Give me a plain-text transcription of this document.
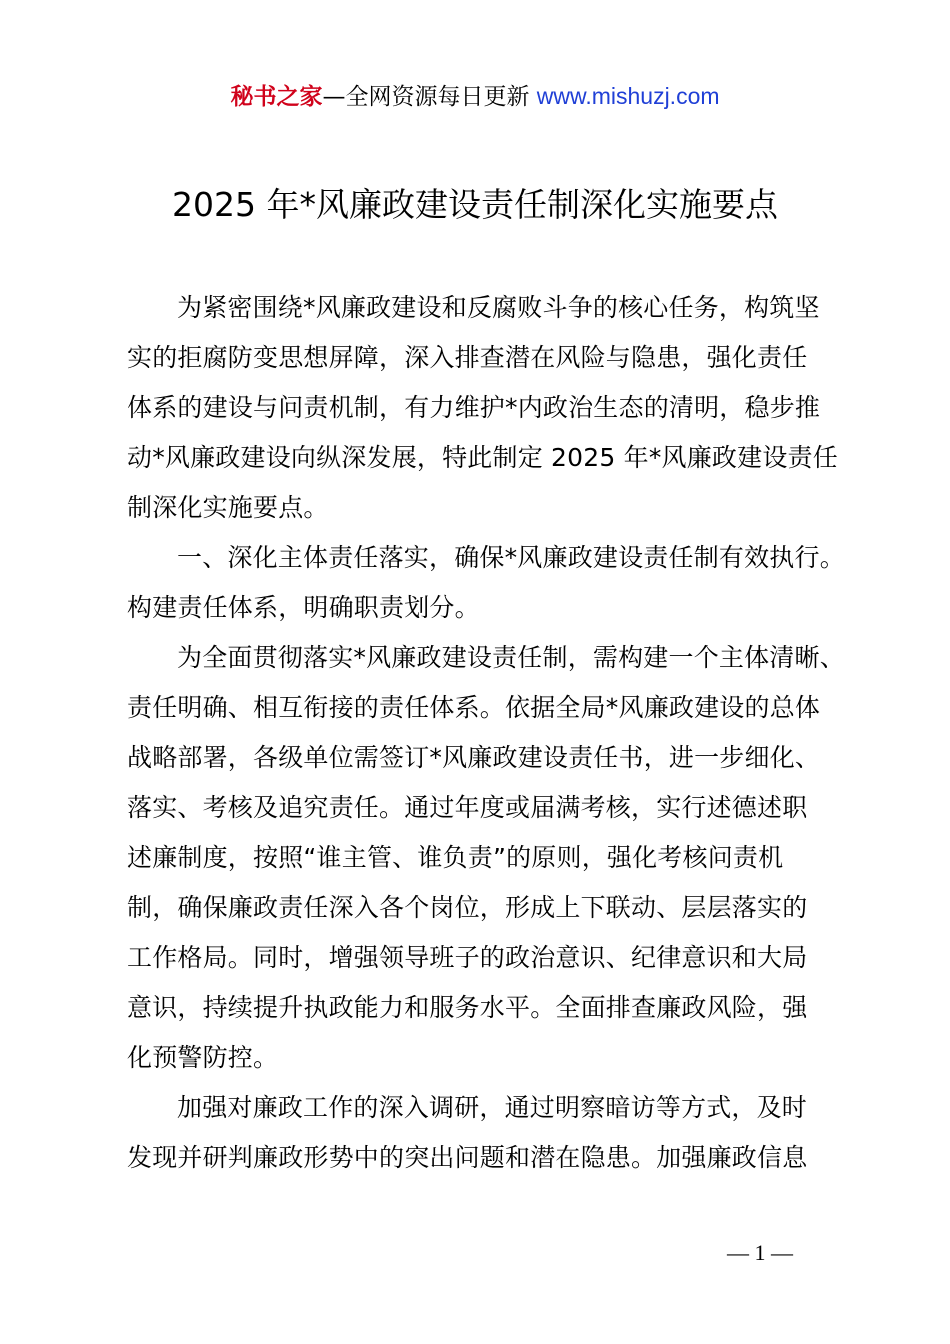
秘书之家—全网资源每日更新 www.mishuzj.com
2025 年*风廉政建设责任制深化实施要点
为紧密围绕*风廉政建设和反腐败斗争的核心任务，构筑坚
实的拒腐防变思想屏障，深入排查潜在风险与隐患，强化责任
体系的建设与问责机制，有力维护*内政治生态的清明，稳步推
动*风廉政建设向纵深发展，特此制定 2025 年*风廉政建设责任
制深化实施要点。
一、深化主体责任落实，确保*风廉政建设责任制有效执行。
构建责任体系，明确职责划分。
为全面贯彻落实*风廉政建设责任制，需构建一个主体清晰、
责任明确、相互衔接的责任体系。依据全局*风廉政建设的总体
战略部署，各级单位需签订*风廉政建设责任书，进一步细化、
落实、考核及追究责任。通过年度或届满考核，实行述德述职
述廉制度，按照“谁主管、谁负责”的原则，强化考核问责机
制，确保廉政责任深入各个岗位，形成上下联动、层层落实的
工作格局。同时，增强领导班子的政治意识、纪律意识和大局
意识，持续提升执政能力和服务水平。全面排查廉政风险，强
化预警防控。
加强对廉政工作的深入调研，通过明察暗访等方式，及时
发现并研判廉政形势中的突出问题和潜在隐患。加强廉政信息
— 1 —
